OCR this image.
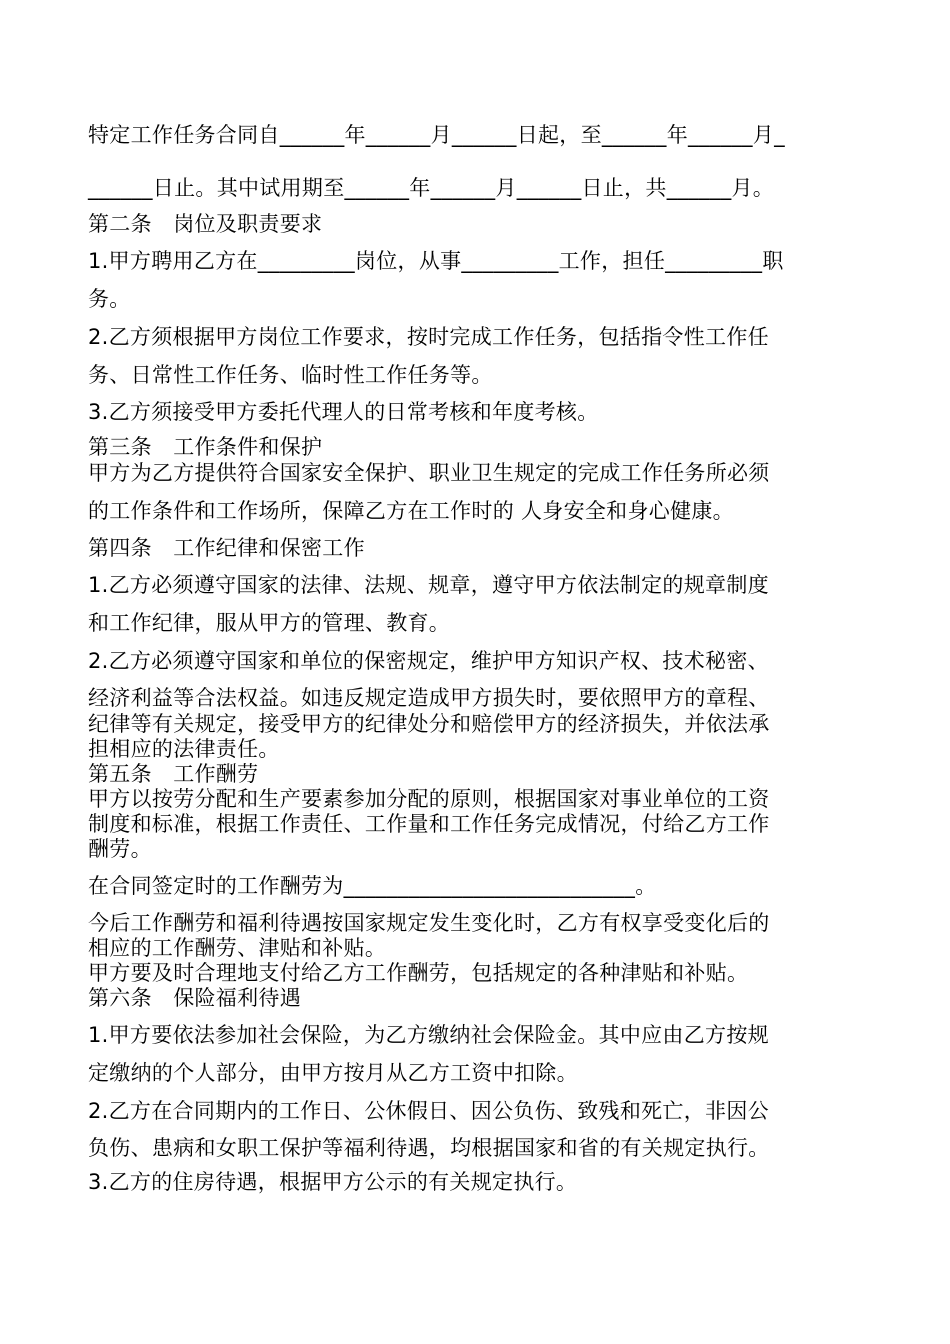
特定工作任务合同自______年______月______日起，至______年______月_
______日止。其中试用期至______年______月______日止，共______月。
第二条　岗位及职责要求
1.甲方聘用乙方在_________岗位，从事_________工作，担任_________职
务。
2.乙方须根据甲方岗位工作要求，按时完成工作任务，包括指令性工作任
务、日常性工作任务、临时性工作任务等。
3.乙方须接受甲方委托代理人的日常考核和年度考核。
第三条　工作条件和保护
甲方为乙方提供符合国家安全保护、职业卫生规定的完成工作任务所必须
的工作条件和工作场所，保障乙方在工作时的 人身安全和身心健康。
第四条　工作纪律和保密工作
1.乙方必须遵守国家的法律、法规、规章，遵守甲方依法制定的规章制度
和工作纪律，服从甲方的管理、教育。
2.乙方必须遵守国家和单位的保密规定，维护甲方知识产权、技术秘密、
经济利益等合法权益。如违反规定造成甲方损失时，要依照甲方的章程、
纪律等有关规定，接受甲方的纪律处分和赔偿甲方的经济损失，并依法承
担相应的法律责任。
第五条　工作酬劳
甲方以按劳分配和生产要素参加分配的原则，根据国家对事业单位的工资
制度和标准，根据工作责任、工作量和工作任务完成情况，付给乙方工作
酬劳。
在合同签定时的工作酬劳为___________________________。
今后工作酬劳和福利待遇按国家规定发生变化时，乙方有权享受变化后的
相应的工作酬劳、津贴和补贴。
甲方要及时合理地支付给乙方工作酬劳，包括规定的各种津贴和补贴。
第六条　保险福利待遇
1.甲方要依法参加社会保险，为乙方缴纳社会保险金。其中应由乙方按规
定缴纳的个人部分，由甲方按月从乙方工资中扣除。
2.乙方在合同期内的工作日、公休假日、因公负伤、致残和死亡，非因公
负伤、患病和女职工保护等福利待遇，均根据国家和省的有关规定执行。
3.乙方的住房待遇，根据甲方公示的有关规定执行。
